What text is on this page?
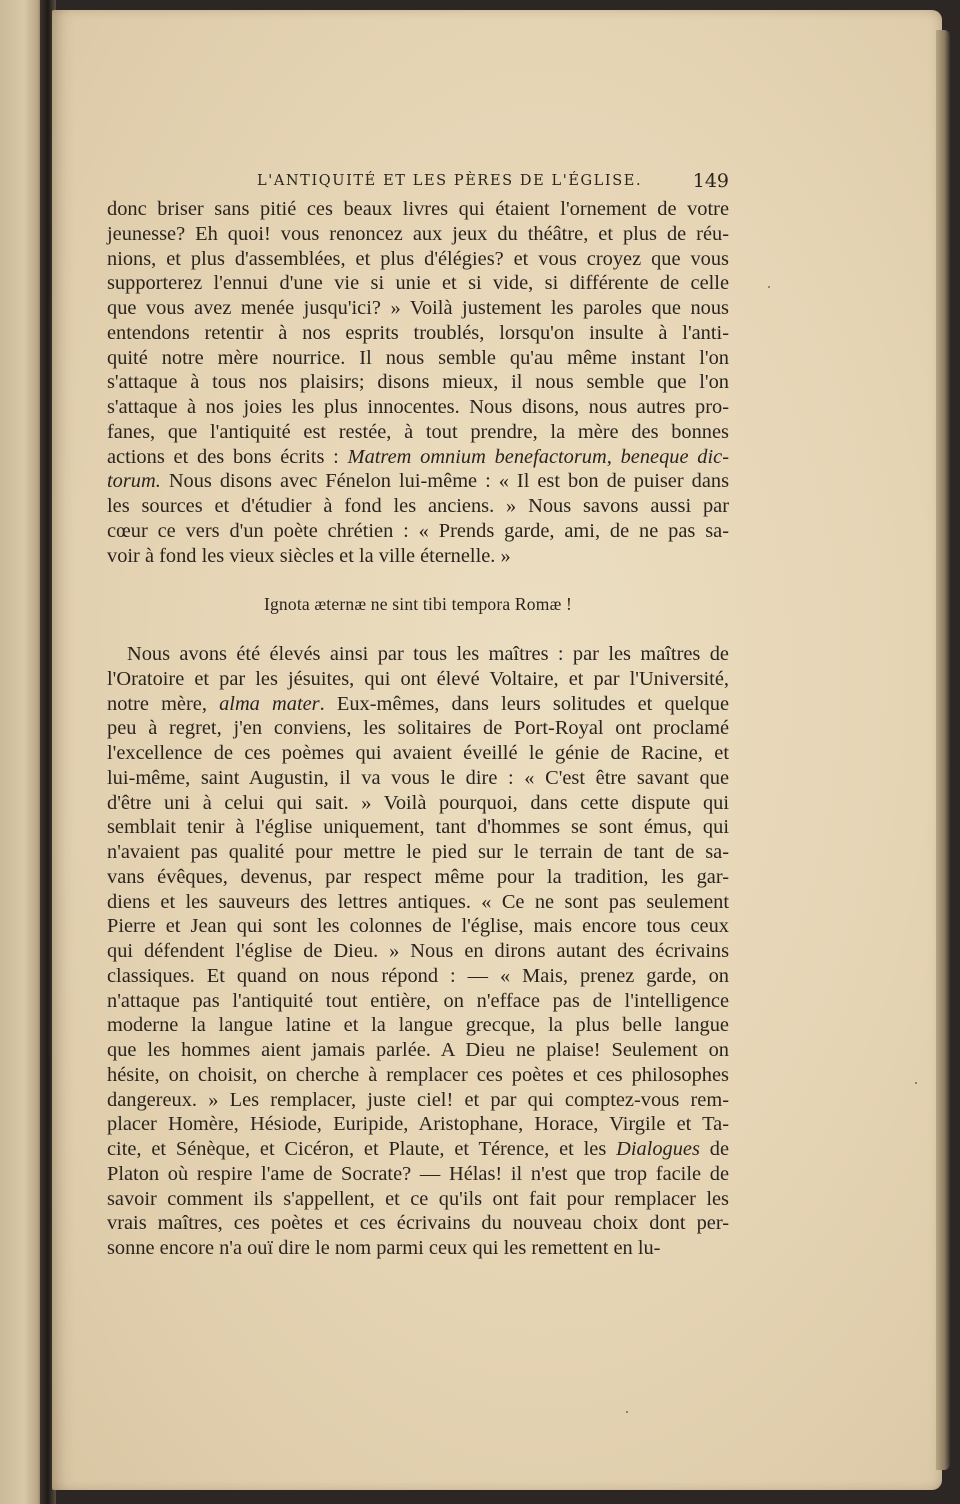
L'ANTIQUITÉ ET LES PÈRES DE L'ÉGLISE.	149
donc briser sans pitié ces beaux livres qui étaient l'ornement de votre
jeunesse? Eh quoi! vous renoncez aux jeux du théâtre, et plus de réu-
nions, et plus d'assemblées, et plus d'élégies? et vous croyez que vous
supporterez l'ennui d'une vie si unie et si vide, si différente de celle
que vous avez menée jusqu'ici? » Voilà justement les paroles que nous
entendons retentir à nos esprits troublés, lorsqu'on insulte à l'anti-
quité notre mère nourrice. Il nous semble qu'au même instant l'on
s'attaque à tous nos plaisirs; disons mieux, il nous semble que l'on
s'attaque à nos joies les plus innocentes. Nous disons, nous autres pro-
fanes, que l'antiquité est restée, à tout prendre, la mère des bonnes
actions et des bons écrits : Matrem omnium benefactorum, beneque dic-
torum. Nous disons avec Fénelon lui-même : « Il est bon de puiser dans
les sources et d'étudier à fond les anciens. » Nous savons aussi par
cœur ce vers d'un poète chrétien : « Prends garde, ami, de ne pas sa-
voir à fond les vieux siècles et la ville éternelle. »
Ignota æternæ ne sint tibi tempora Romæ !
Nous avons été élevés ainsi par tous les maîtres : par les maîtres de
l'Oratoire et par les jésuites, qui ont élevé Voltaire, et par l'Université,
notre mère, alma mater. Eux-mêmes, dans leurs solitudes et quelque
peu à regret, j'en conviens, les solitaires de Port-Royal ont proclamé
l'excellence de ces poèmes qui avaient éveillé le génie de Racine, et
lui-même, saint Augustin, il va vous le dire : « C'est être savant que
d'être uni à celui qui sait. » Voilà pourquoi, dans cette dispute qui
semblait tenir à l'église uniquement, tant d'hommes se sont émus, qui
n'avaient pas qualité pour mettre le pied sur le terrain de tant de sa-
vans évêques, devenus, par respect même pour la tradition, les gar-
diens et les sauveurs des lettres antiques. « Ce ne sont pas seulement
Pierre et Jean qui sont les colonnes de l'église, mais encore tous ceux
qui défendent l'église de Dieu. » Nous en dirons autant des écrivains
classiques. Et quand on nous répond : — « Mais, prenez garde, on
n'attaque pas l'antiquité tout entière, on n'efface pas de l'intelligence
moderne la langue latine et la langue grecque, la plus belle langue
que les hommes aient jamais parlée. A Dieu ne plaise! Seulement on
hésite, on choisit, on cherche à remplacer ces poètes et ces philosophes
dangereux. » Les remplacer, juste ciel! et par qui comptez-vous rem-
placer Homère, Hésiode, Euripide, Aristophane, Horace, Virgile et Ta-
cite, et Sénèque, et Cicéron, et Plaute, et Térence, et les Dialogues de
Platon où respire l'ame de Socrate? — Hélas! il n'est que trop facile de
savoir comment ils s'appellent, et ce qu'ils ont fait pour remplacer les
vrais maîtres, ces poètes et ces écrivains du nouveau choix dont per-
sonne encore n'a ouï dire le nom parmi ceux qui les remettent en lu-
